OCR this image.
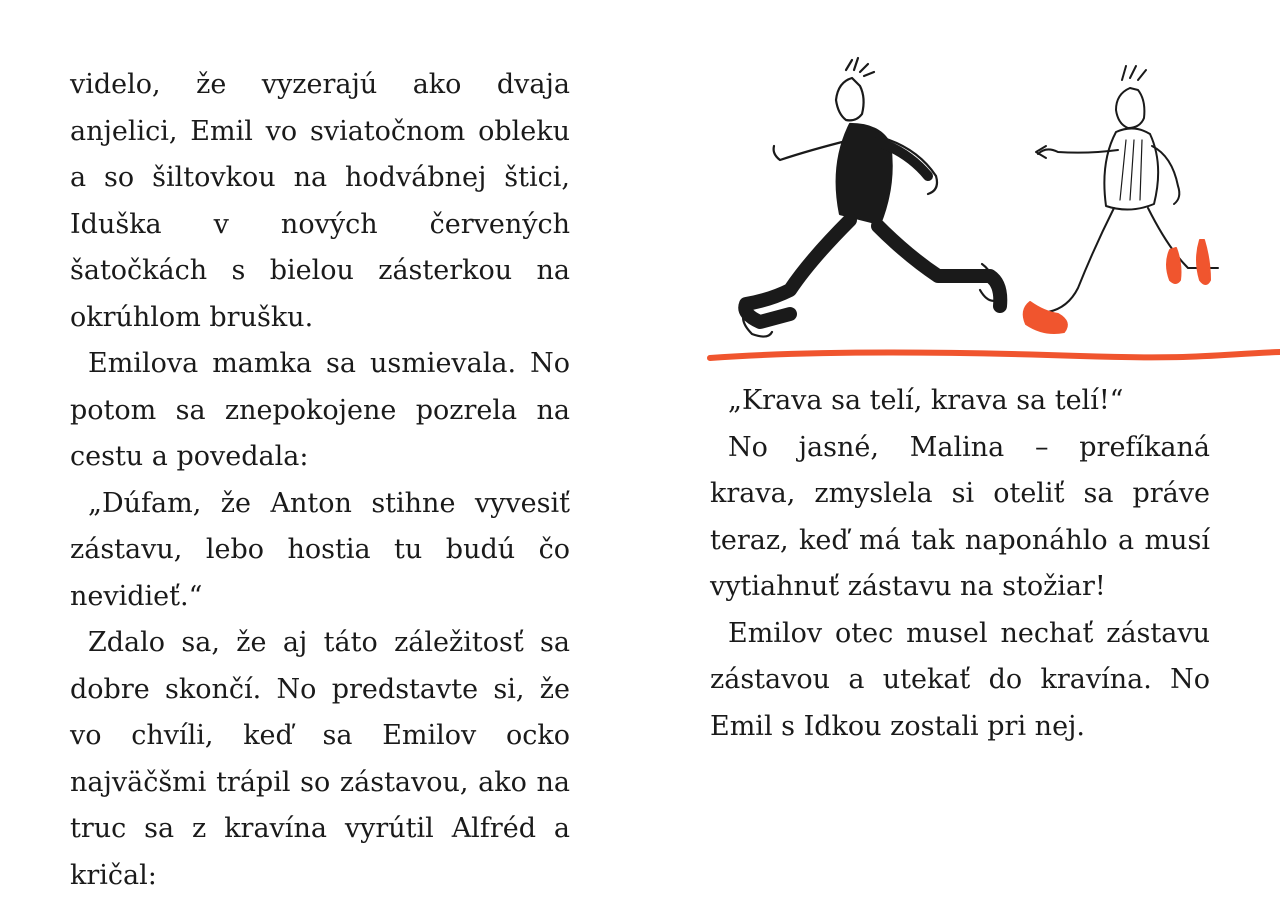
videlo, že vyzerajú ako dvaja anjelici, Emil vo sviatočnom obleku a so šiltovkou na hodvábnej štici, Iduška v nových červených šatočkách s bielou zásterkou na okrúhlom brušku.

Emilova mamka sa usmievala. No potom sa znepokojene pozrela na cestu a povedala:

„Dúfam, že Anton stihne vyvesiť zástavu, lebo hostia tu budú čo nevidieť.“

Zdalo sa, že aj táto záležitosť sa dobre skončí. No predstavte si, že vo chvíli, keď sa Emilov ocko najväčšmi trápil so zástavou, ako na truc sa z kravína vyrútil Alfréd a kričal:

„Krava sa telí, krava sa telí!“

No jasné, Malina – prefíkaná krava, zmyslela si oteliť sa práve teraz, keď má tak naponáhlo a musí vytiahnuť zástavu na stožiar!

Emilov otec musel nechať zástavu zástavou a utekať do kravína. No Emil s Idkou zostali pri nej.
